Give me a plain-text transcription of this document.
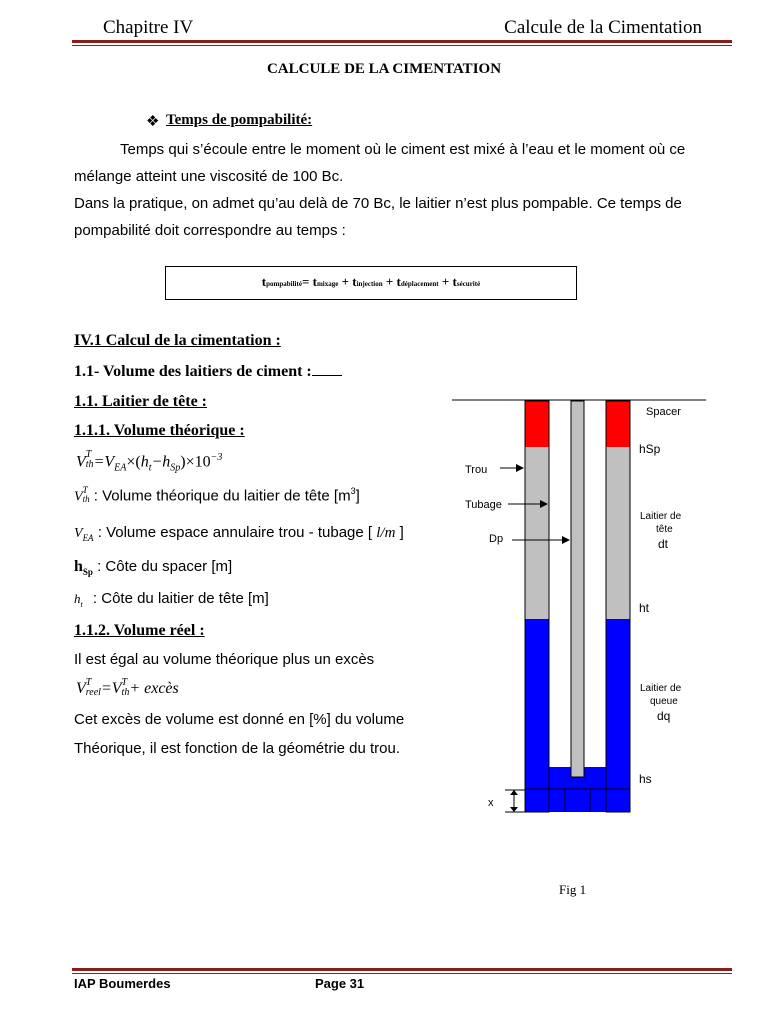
Chapitre IV	Calcule de la Cimentation
CALCULE DE LA CIMENTATION
❖ Temps de pompabilité:
Temps qui s’écoule entre le moment où le ciment est mixé à l’eau et le moment où ce
mélange atteint une viscosité de 100 Bc.
Dans la pratique, on admet qu’au delà de 70 Bc, le laitier n’est plus pompable. Ce temps de
pompabilité doit correspondre au temps :
tpompabilité= tmixage + tinjection + tdéplacement + tsécurité
IV.1 Calcul de la cimentation :
1.1- Volume des laitiers de ciment :
1.1. Laitier de tête :
1.1.1. Volume théorique :
VT
$th=V_{EA}\times(h_t-h_{Sp})\times 10^{-3}$
VT
th : Volume théorique du laitier de tête $[m^3]$
$V_{EA}$ : Volume espace annulaire trou - tubage [ l/m ]
$h_{Sp}$ : Côte du spacer [m]
$h_t$ : Côte du laitier de tête [m]
1.1.2. Volume réel :
Il est égal au volume théorique plus un excès
VT
reel=VT
th+ excès
Cet excès de volume est donné en [%] du volume
Théorique, il est fonction de la géométrie du trou.
Spacer
hSp
Trou
Tubage
Dp
Laitier de
tête
dt
ht
Laitier de
queue
dq
hs
x
Fig 1
IAP Boumerdes	Page 31
